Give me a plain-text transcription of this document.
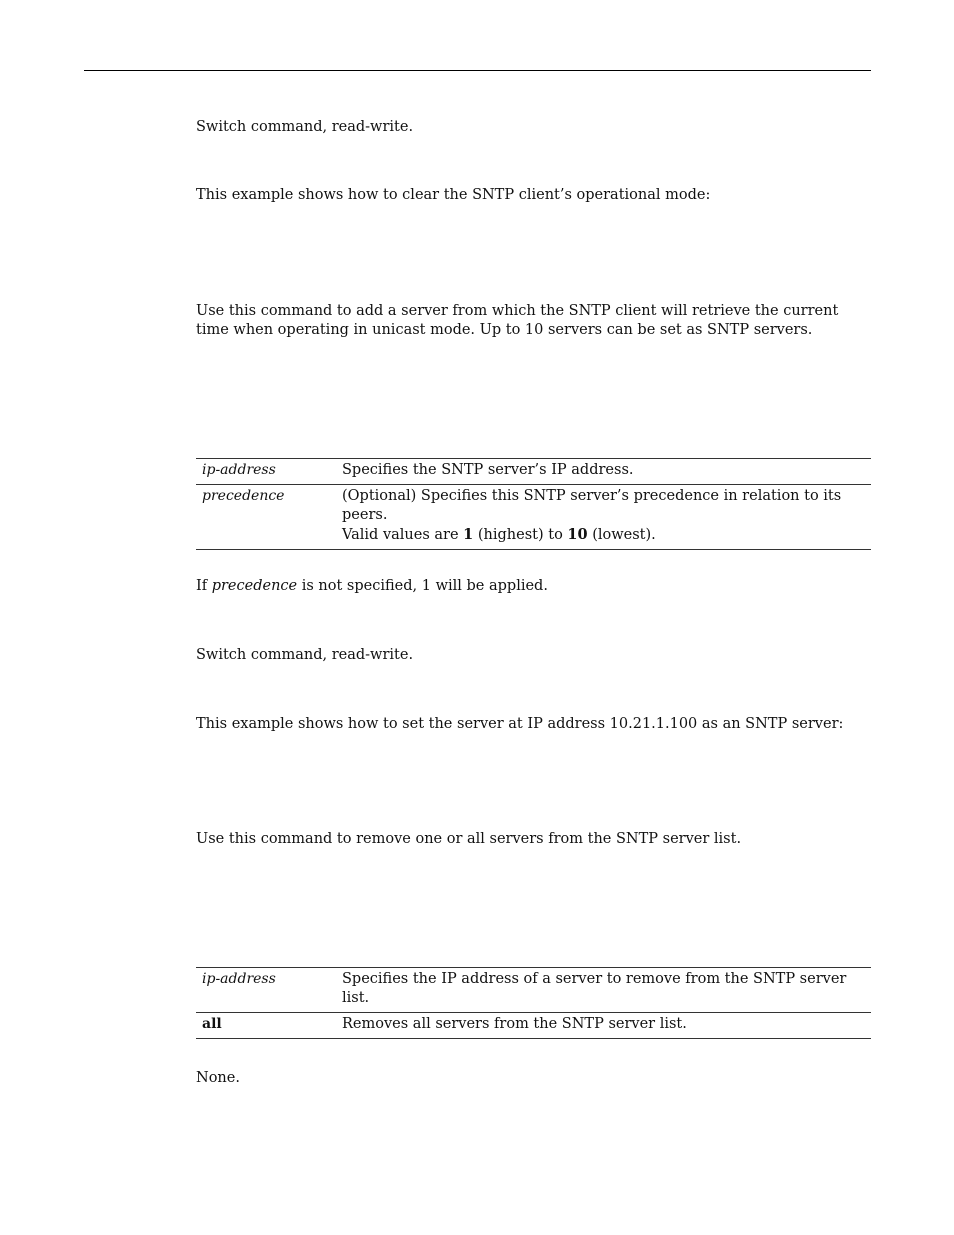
Switch command, read-write.

This example shows how to clear the SNTP client’s operational mode:

Use this command to add a server from which the SNTP client will retrieve the current time when operating in unicast mode. Up to 10 servers can be set as SNTP servers.

ip-address	Specifies the SNTP server’s IP address.
precedence	(Optional) Specifies this SNTP server’s precedence in relation to its peers.
Valid values are 1 (highest) to 10 (lowest).

If precedence is not specified, 1 will be applied.

Switch command, read-write.

This example shows how to set the server at IP address 10.21.1.100 as an SNTP server:

Use this command to remove one or all servers from the SNTP server list.

ip-address	Specifies the IP address of a server to remove from the SNTP server list.
all	Removes all servers from the SNTP server list.

None.
